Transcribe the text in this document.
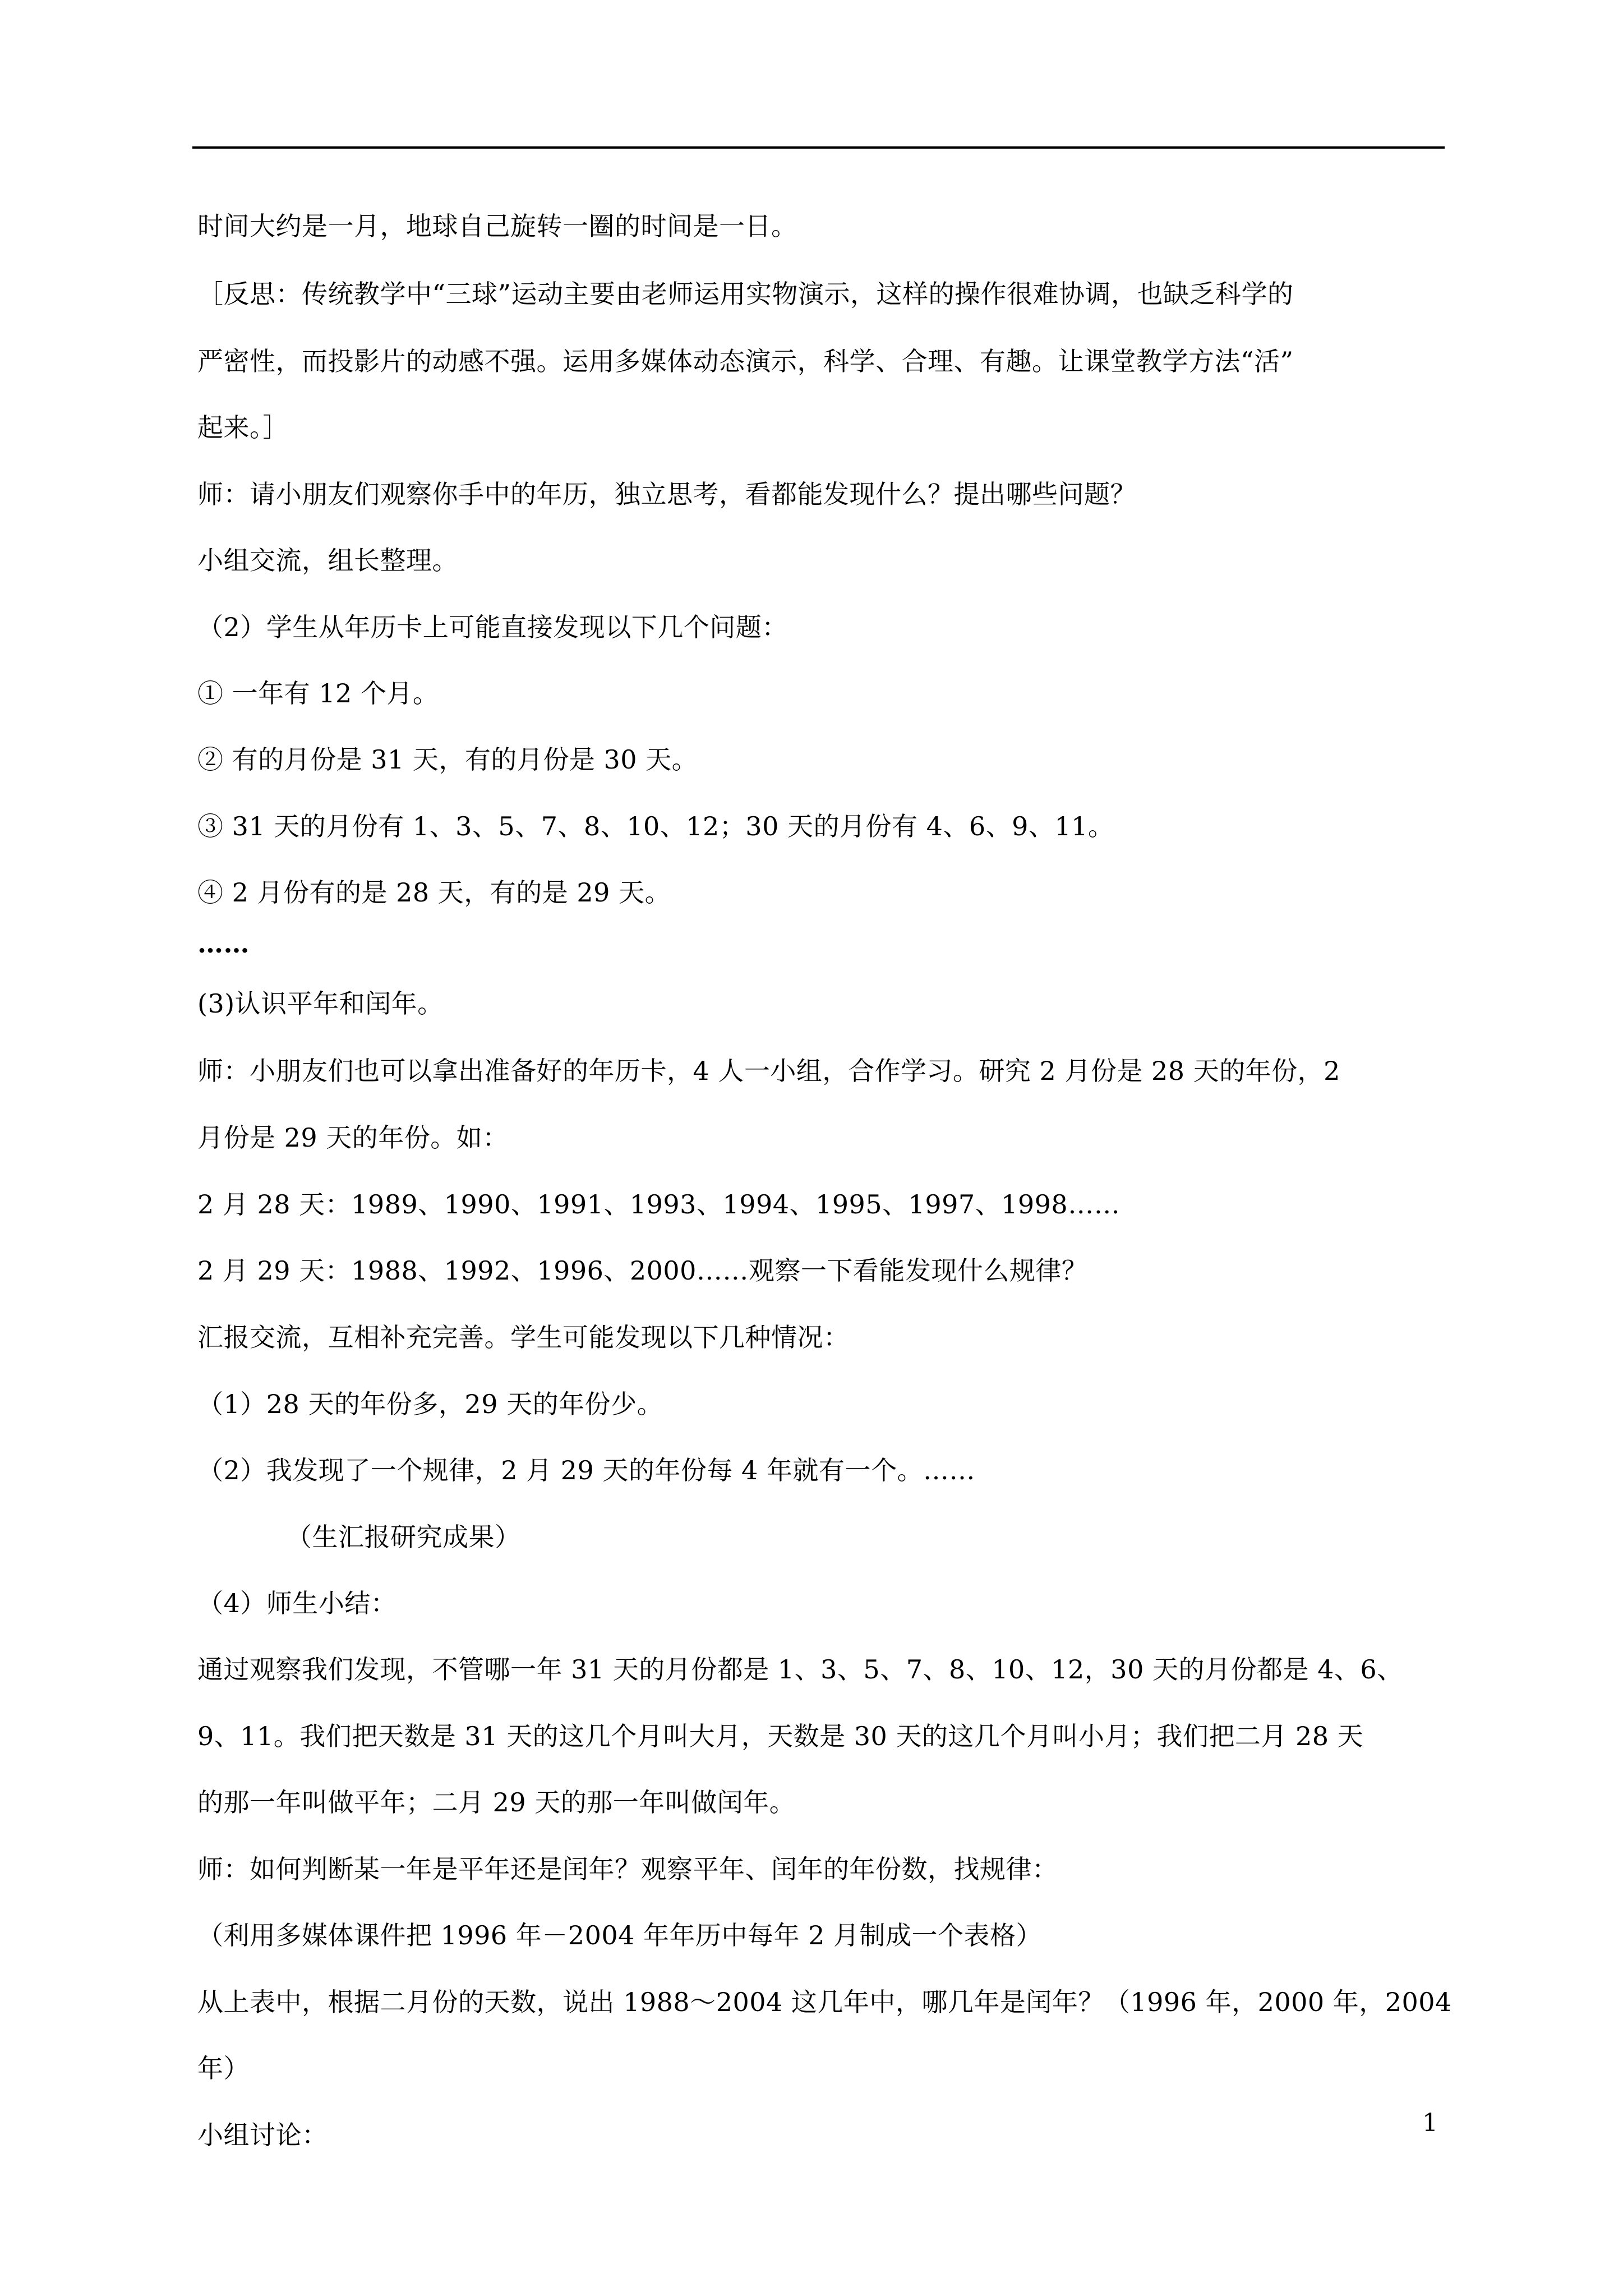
时间大约是一月，地球自己旋转一圈的时间是一日。
［反思：传统教学中“三球”运动主要由老师运用实物演示，这样的操作很难协调，也缺乏科学的
严密性，而投影片的动感不强。运用多媒体动态演示，科学、合理、有趣。让课堂教学方法“活”
起来。］
师：请小朋友们观察你手中的年历，独立思考，看都能发现什么？提出哪些问题？
小组交流，组长整理。
（2）学生从年历卡上可能直接发现以下几个问题：
① 一年有 12 个月。
② 有的月份是 31 天，有的月份是 30 天。
③ 31 天的月份有 1、3、5、7、8、10、12；30 天的月份有 4、6、9、11。
④ 2 月份有的是 28 天，有的是 29 天。
……
(3)认识平年和闰年。
师：小朋友们也可以拿出准备好的年历卡，4 人一小组，合作学习。研究 2 月份是 28 天的年份，2
月份是 29 天的年份。如：
2 月 28 天：1989、1990、1991、1993、1994、1995、1997、1998……
2 月 29 天：1988、1992、1996、2000……观察一下看能发现什么规律？
汇报交流，互相补充完善。学生可能发现以下几种情况：
（1）28 天的年份多，29 天的年份少。
（2）我发现了一个规律，2 月 29 天的年份每 4 年就有一个。……
（生汇报研究成果）
（4）师生小结：
通过观察我们发现，不管哪一年 31 天的月份都是 1、3、5、7、8、10、12，30 天的月份都是 4、6、
9、11。我们把天数是 31 天的这几个月叫大月，天数是 30 天的这几个月叫小月；我们把二月 28 天
的那一年叫做平年；二月 29 天的那一年叫做闰年。
师：如何判断某一年是平年还是闰年？观察平年、闰年的年份数，找规律：
（利用多媒体课件把 1996 年－2004 年年历中每年 2 月制成一个表格）
从上表中，根据二月份的天数，说出 1988～2004 这几年中，哪几年是闰年？（1996 年，2000 年，2004
年）
小组讨论：	1
